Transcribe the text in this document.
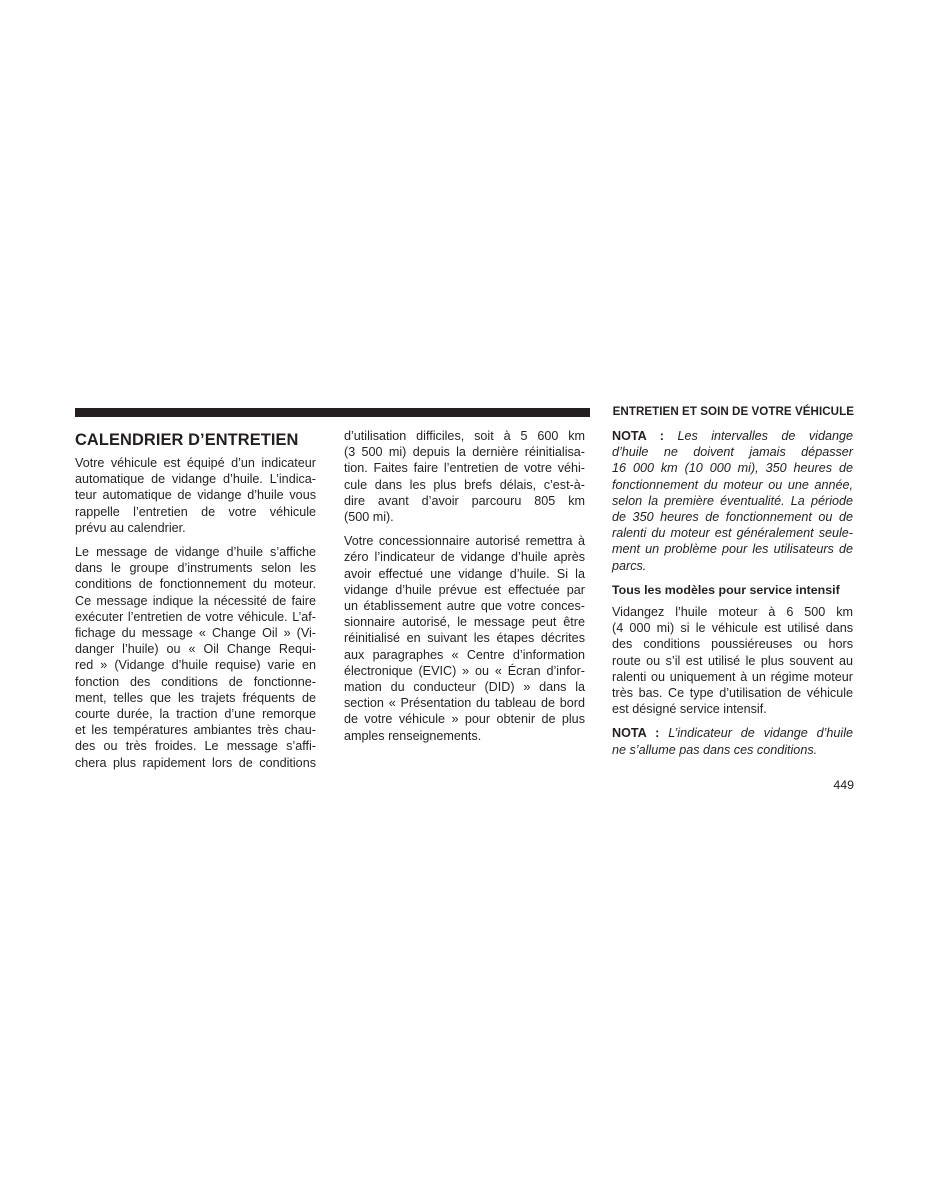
ENTRETIEN ET SOIN DE VOTRE VÉHICULE
CALENDRIER D’ENTRETIEN

Votre véhicule est équipé d’un indicateur
automatique de vidange d’huile. L’indica-
teur automatique de vidange d’huile vous
rappelle l’entretien de votre véhicule
prévu au calendrier.

Le message de vidange d’huile s’affiche
dans le groupe d’instruments selon les
conditions de fonctionnement du moteur.
Ce message indique la nécessité de faire
exécuter l’entretien de votre véhicule. L’af-
fichage du message « Change Oil » (Vi-
danger l’huile) ou « Oil Change Requi-
red » (Vidange d’huile requise) varie en
fonction des conditions de fonctionne-
ment, telles que les trajets fréquents de
courte durée, la traction d’une remorque
et les températures ambiantes très chau-
des ou très froides. Le message s’affi-
chera plus rapidement lors de conditions

d’utilisation difficiles, soit à 5 600 km
(3 500 mi) depuis la dernière réinitialisa-
tion. Faites faire l’entretien de votre véhi-
cule dans les plus brefs délais, c’est-à-
dire avant d’avoir parcouru 805 km
(500 mi).

Votre concessionnaire autorisé remettra à
zéro l’indicateur de vidange d’huile après
avoir effectué une vidange d’huile. Si la
vidange d’huile prévue est effectuée par
un établissement autre que votre conces-
sionnaire autorisé, le message peut être
réinitialisé en suivant les étapes décrites
aux paragraphes « Centre d’information
électronique (EVIC) » ou « Écran d’infor-
mation du conducteur (DID) » dans la
section « Présentation du tableau de bord
de votre véhicule » pour obtenir de plus
amples renseignements.

NOTA : Les intervalles de vidange
d’huile ne doivent jamais dépasser
16 000 km (10 000 mi), 350 heures de
fonctionnement du moteur ou une année,
selon la première éventualité. La période
de 350 heures de fonctionnement ou de
ralenti du moteur est généralement seule-
ment un problème pour les utilisateurs de
parcs.

Tous les modèles pour service intensif

Vidangez l’huile moteur à 6 500 km
(4 000 mi) si le véhicule est utilisé dans
des conditions poussiéreuses ou hors
route ou s’il est utilisé le plus souvent au
ralenti ou uniquement à un régime moteur
très bas. Ce type d’utilisation de véhicule
est désigné service intensif.

NOTA : L’indicateur de vidange d’huile
ne s’allume pas dans ces conditions.

449
